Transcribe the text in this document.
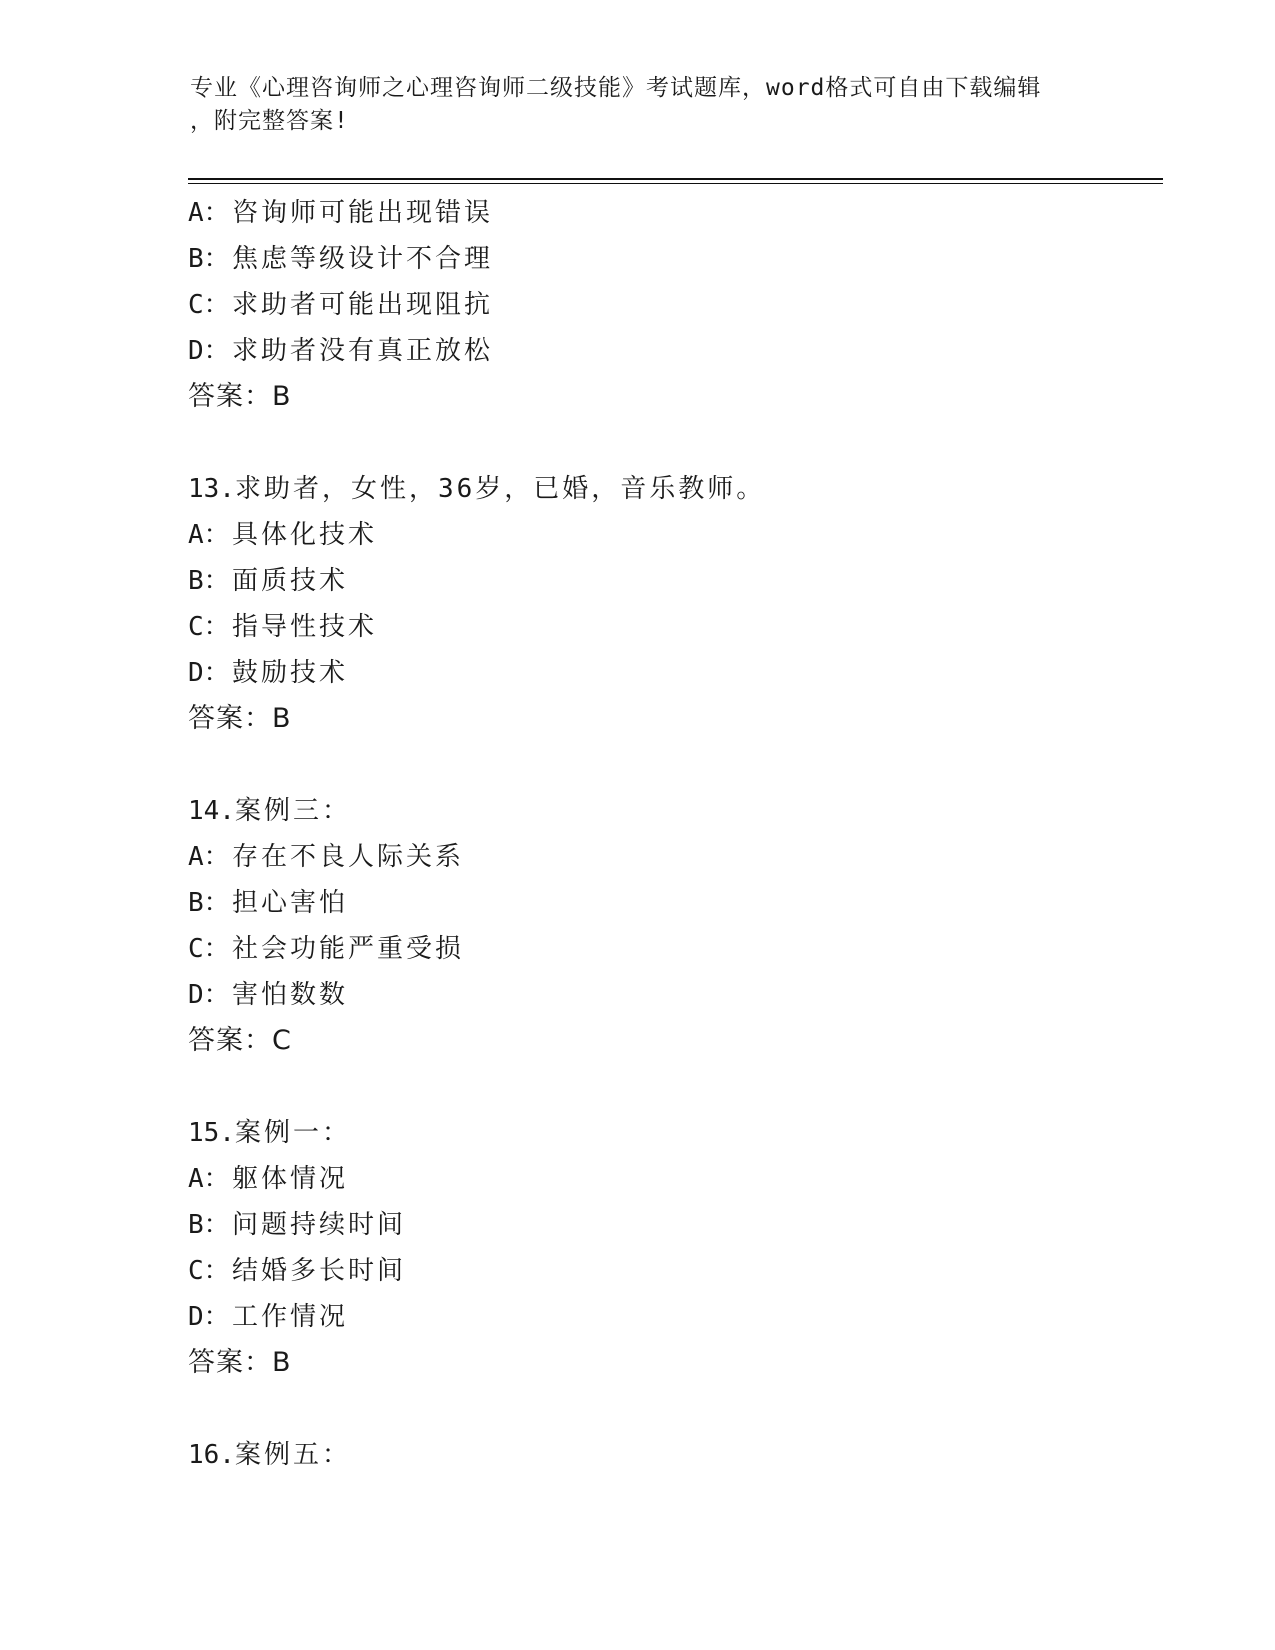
专业《心理咨询师之心理咨询师二级技能》考试题库，word格式可自由下载编辑
，附完整答案!
A：咨询师可能出现错误
B：焦虑等级设计不合理
C：求助者可能出现阻抗
D：求助者没有真正放松
答案：B
13.求助者，女性，36岁，已婚，音乐教师。
A：具体化技术
B：面质技术
C：指导性技术
D：鼓励技术
答案：B
14.案例三：
A：存在不良人际关系
B：担心害怕
C：社会功能严重受损
D：害怕数数
答案：C
15.案例一：
A：躯体情况
B：问题持续时间
C：结婚多长时间
D：工作情况
答案：B
16.案例五：
